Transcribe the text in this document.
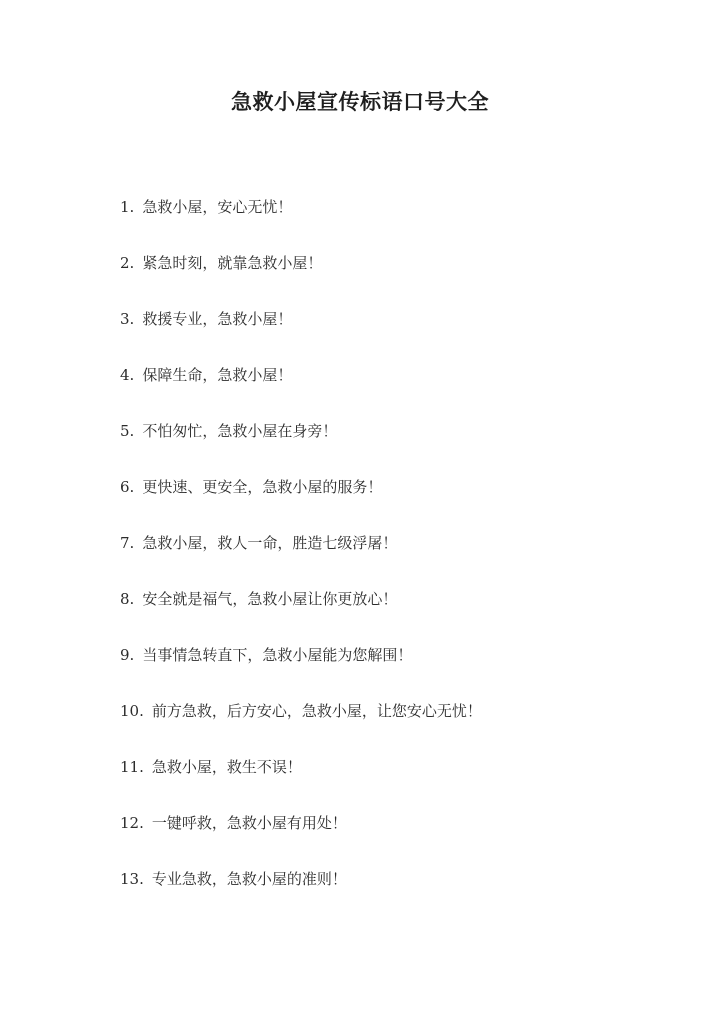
急救小屋宣传标语口号大全
1. 急救小屋，安心无忧！
2. 紧急时刻，就靠急救小屋！
3. 救援专业，急救小屋！
4. 保障生命，急救小屋！
5. 不怕匆忙，急救小屋在身旁！
6. 更快速、更安全，急救小屋的服务！
7. 急救小屋，救人一命，胜造七级浮屠！
8. 安全就是福气，急救小屋让你更放心！
9. 当事情急转直下，急救小屋能为您解围！
10. 前方急救，后方安心，急救小屋，让您安心无忧！
11. 急救小屋，救生不误！
12. 一键呼救，急救小屋有用处！
13. 专业急救，急救小屋的准则！
